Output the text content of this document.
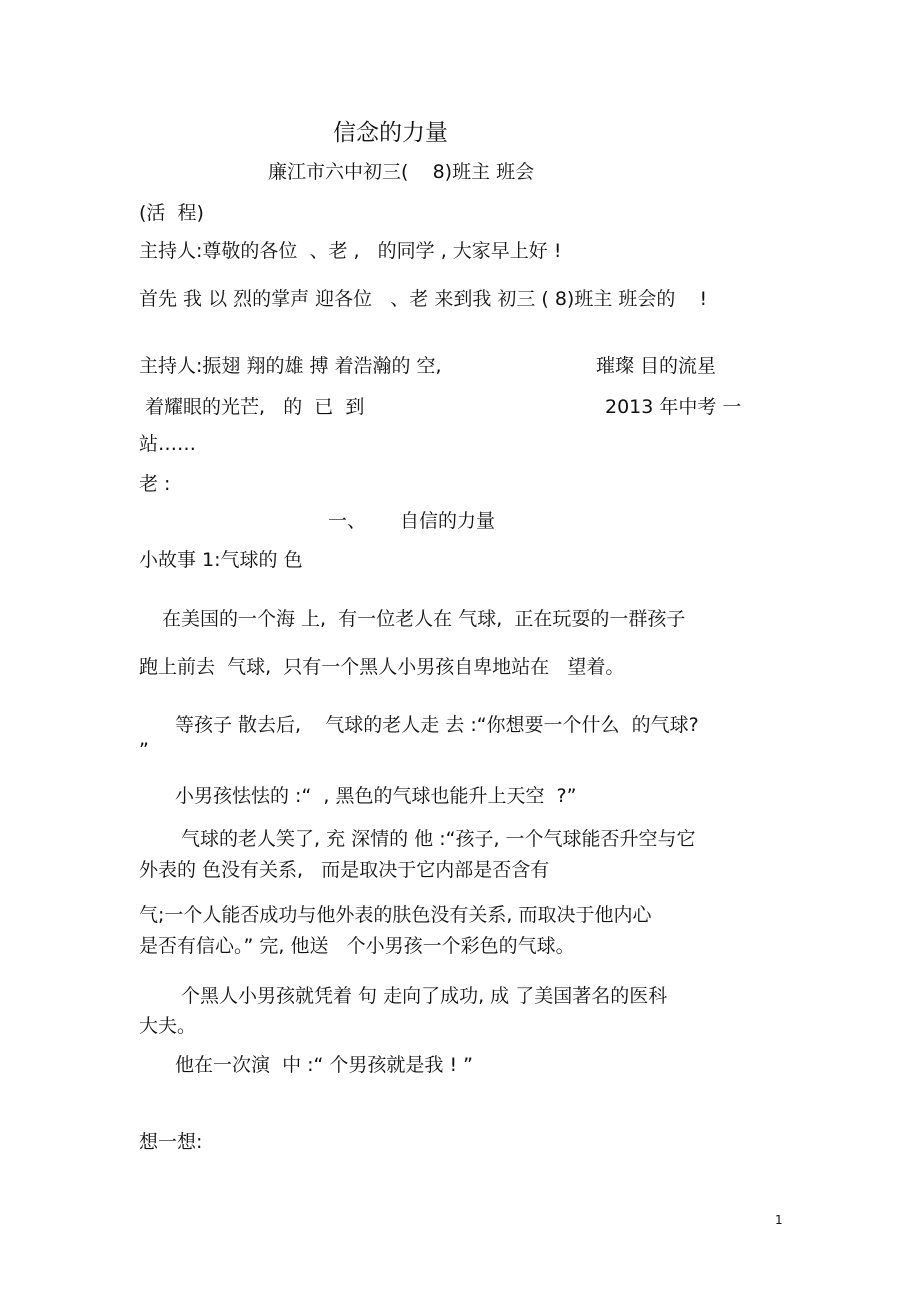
信念的力量
廉江市六中初三(    8)班主 班会
(活  程)
主持人:尊敬的各位  、老 ,   的同学 , 大家早上好 !
首先 我 以 烈的掌声 迎各位   、老 来到我 初三 ( 8)班主 班会的    !
主持人:振翅 翔的雄 搏 着浩瀚的 空,	璀璨 目的流星
着耀眼的光芒,   的  已  到	2013 年中考 一
站……
老 :
一、 自信的力量
小故事 1:气球的 色
在美国的一个海 上,  有一位老人在 气球,  正在玩耍的一群孩子
跑上前去  气球,  只有一个黑人小男孩自卑地站在   望着。
等孩子 散去后,    气球的老人走 去 :“你想要一个什么  的气球?
”
小男孩怯怯的 :“  , 黑色的气球也能升上天空  ?”
气球的老人笑了, 充 深情的 他 :“孩子, 一个气球能否升空与它
外表的 色没有关系,   而是取决于它内部是否含有
气;一个人能否成功与他外表的肤色没有关系, 而取决于他内心
是否有信心。” 完, 他送   个小男孩一个彩色的气球。
个黑人小男孩就凭着 句 走向了成功, 成 了美国著名的医科
大夫。
他在一次演  中 :“ 个男孩就是我 ! ”
想一想:
1
